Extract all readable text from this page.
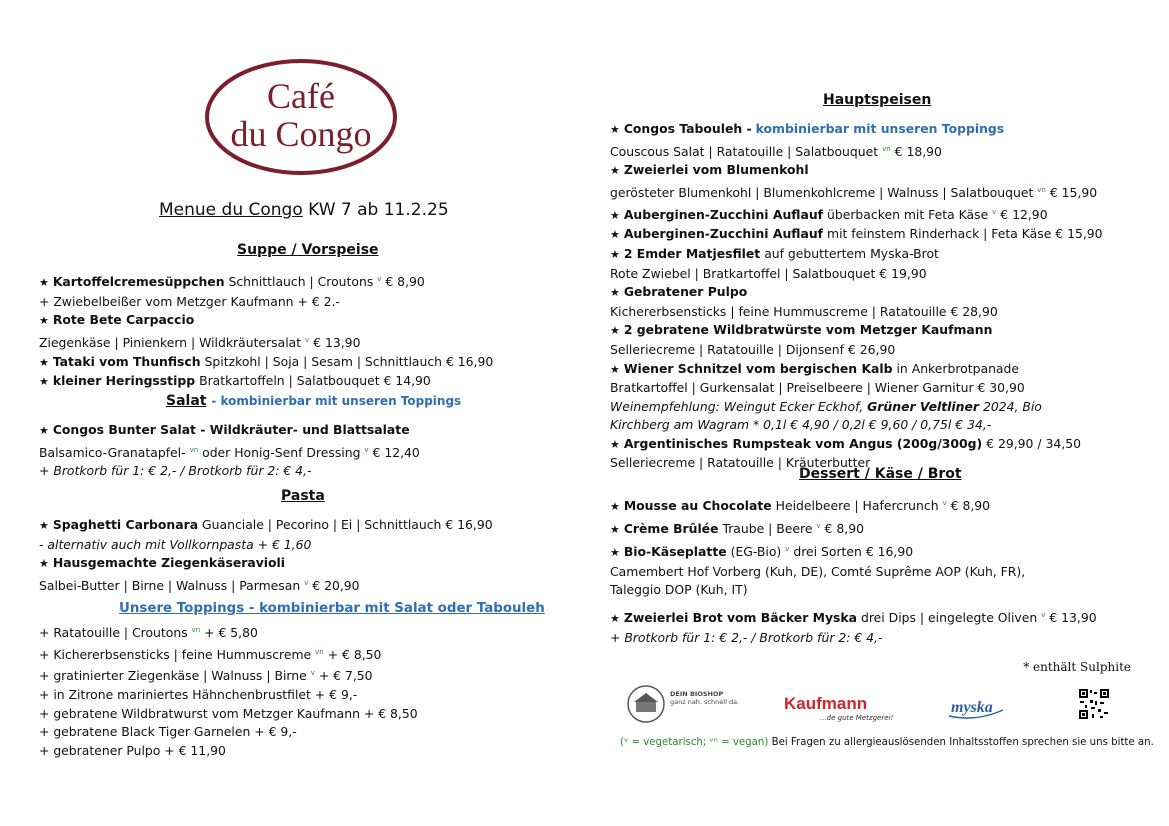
Café
du Congo
Menue du Congo KW 7 ab 11.2.25
Suppe / Vorspeise
★ Kartoffelcremesüppchen Schnittlauch | Croutons $^v$ € 8,90
+ Zwiebelbeißer vom Metzger Kaufmann + € 2.-
★ Rote Bete Carpaccio
Ziegenkäse | Pinienkern | Wildkräutersalat $^v$ € 13,90
★ Tataki vom Thunfisch Spitzkohl | Soja | Sesam | Schnittlauch € 16,90
★ kleiner Heringsstipp Bratkartoffeln | Salatbouquet € 14,90
Salat - kombinierbar mit unseren Toppings
★ Congos Bunter Salat - Wildkräuter- und Blattsalate
Balsamico-Granatapfel- $^{vn}$ oder Honig-Senf Dressing $^v$ € 12,40
+ Brotkorb für 1: € 2,- / Brotkorb für 2: € 4,-
Pasta
★ Spaghetti Carbonara Guanciale | Pecorino | Ei | Schnittlauch € 16,90
- alternativ auch mit Vollkornpasta + € 1,60
★ Hausgemachte Ziegenkäseravioli
Salbei-Butter | Birne | Walnuss | Parmesan $^v$ € 20,90
Unsere Toppings - kombinierbar mit Salat oder Tabouleh
+ Ratatouille | Croutons $^{vn}$ + € 5,80
+ Kichererbsensticks | feine Hummuscreme $^{vn}$ + € 8,50
+ gratinierter Ziegenkäse | Walnuss | Birne $^v$ + € 7,50
+ in Zitrone mariniertes Hähnchenbrustfilet + € 9,-
+ gebratene Wildbratwurst vom Metzger Kaufmann + € 8,50
+ gebratene Black Tiger Garnelen + € 9,-
+ gebratener Pulpo + € 11,90
Hauptspeisen
★ Congos Tabouleh - kombinierbar mit unseren Toppings
Couscous Salat | Ratatouille | Salatbouquet $^{vn}$ € 18,90
★ Zweierlei vom Blumenkohl
gerösteter Blumenkohl | Blumenkohlcreme | Walnuss | Salatbouquet $^{vn}$ € 15,90
★ Auberginen-Zucchini Auflauf überbacken mit Feta Käse $^v$ € 12,90
★ Auberginen-Zucchini Auflauf mit feinstem Rinderhack | Feta Käse € 15,90
★ 2 Emder Matjesfilet auf gebuttertem Myska-Brot
Rote Zwiebel | Bratkartoffel | Salatbouquet € 19,90
★ Gebratener Pulpo
Kichererbsensticks | feine Hummuscreme | Ratatouille € 28,90
★ 2 gebratene Wildbratwürste vom Metzger Kaufmann
Selleriecreme | Ratatouille | Dijonsenf € 26,90
★ Wiener Schnitzel vom bergischen Kalb in Ankerbrotpanade
Bratkartoffel | Gurkensalat | Preiselbeere | Wiener Garnitur € 30,90
Weinempfehlung: Weingut Ecker Eckhof, Grüner Veltliner 2024, Bio
Kirchberg am Wagram * 0,1l € 4,90 / 0,2l € 9,60 / 0,75l € 34,-
★ Argentinisches Rumpsteak vom Angus (200g/300g) € 29,90 / 34,50
Selleriecreme | Ratatouille | Kräuterbutter
Dessert / Käse / Brot
★ Mousse au Chocolate Heidelbeere | Hafercrunch $^v$ € 8,90
★ Crème Brûlée Traube | Beere $^v$ € 8,90
★ Bio-Käseplatte (EG-Bio) $^v$ drei Sorten € 16,90
Camembert Hof Vorberg (Kuh, DE), Comté Suprême AOP (Kuh, FR),
Taleggio DOP (Kuh, IT)
★ Zweierlei Brot vom Bäcker Myska drei Dips | eingelegte Oliven $^v$ € 13,90
+ Brotkorb für 1: € 2,- / Brotkorb für 2: € 4,-
* enthält Sulphite
DEIN BIOSHOP
ganz nah. schnell da.	Kaufmann
...de gute Metzgerei!
myska
(ᵛ = vegetarisch; ᵛⁿ = vegan) Bei Fragen zu allergieauslösenden Inhaltsstoffen sprechen sie uns bitte an.
